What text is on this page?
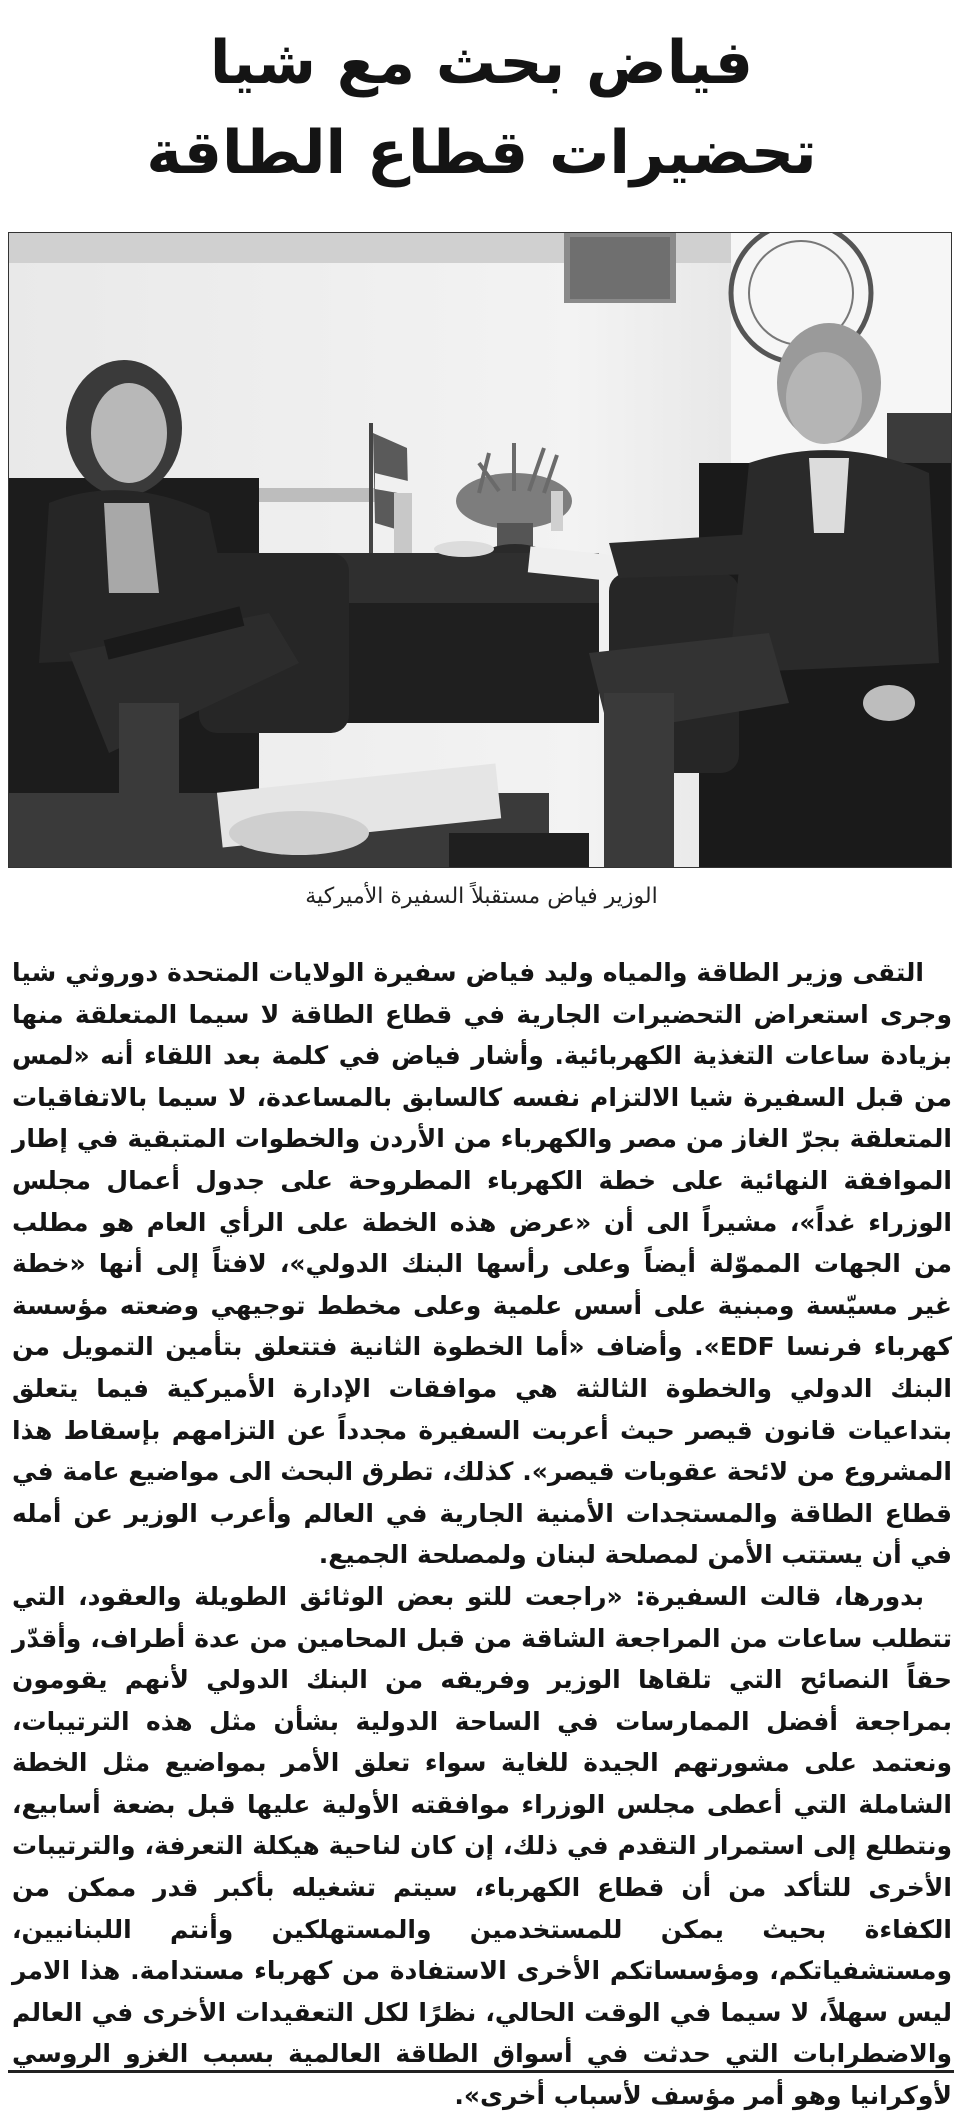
فياض بحث مع شيا
تحضيرات قطاع الطاقة
الوزير فياض مستقبلاً السفيرة الأميركية

التقى وزير الطاقة والمياه وليد فياض سفيرة الولايات المتحدة دوروثي شيا وجرى استعراض التحضيرات الجارية في قطاع الطاقة لا سيما المتعلقة منها بزيادة ساعات التغذية الكهربائية. وأشار فياض في كلمة بعد اللقاء أنه «لمس من قبل السفيرة شيا الالتزام نفسه كالسابق بالمساعدة، لا سيما بالاتفاقيات المتعلقة بجرّ الغاز من مصر والكهرباء من الأردن والخطوات المتبقية في إطار الموافقة النهائية على خطة الكهرباء المطروحة على جدول أعمال مجلس الوزراء غداً»، مشيراً الى أن «عرض هذه الخطة على الرأي العام هو مطلب من الجهات المموّلة أيضاً وعلى رأسها البنك الدولي»، لافتاً إلى أنها «خطة غير مسيّسة ومبنية على أسس علمية وعلى مخطط توجيهي وضعته مؤسسة كهرباء فرنسا EDF». وأضاف «أما الخطوة الثانية فتتعلق بتأمين التمويل من البنك الدولي والخطوة الثالثة هي موافقات الإدارة الأميركية فيما يتعلق بتداعيات قانون قيصر حيث أعربت السفيرة مجدداً عن التزامهم بإسقاط هذا المشروع من لائحة عقوبات قيصر». كذلك، تطرق البحث الى مواضيع عامة في قطاع الطاقة والمستجدات الأمنية الجارية في العالم وأعرب الوزير عن أمله في أن يستتب الأمن لمصلحة لبنان ولمصلحة الجميع.

بدورها، قالت السفيرة: «راجعت للتو بعض الوثائق الطويلة والعقود، التي تتطلب ساعات من المراجعة الشاقة من قبل المحامين من عدة أطراف، وأقدّر حقاً النصائح التي تلقاها الوزير وفريقه من البنك الدولي لأنهم يقومون بمراجعة أفضل الممارسات في الساحة الدولية بشأن مثل هذه الترتيبات، ونعتمد على مشورتهم الجيدة للغاية سواء تعلق الأمر بمواضيع مثل الخطة الشاملة التي أعطى مجلس الوزراء موافقته الأولية عليها قبل بضعة أسابيع، ونتطلع إلى استمرار التقدم في ذلك، إن كان لناحية هيكلة التعرفة، والترتيبات الأخرى للتأكد من أن قطاع الكهرباء، سيتم تشغيله بأكبر قدر ممكن من الكفاءة بحيث يمكن للمستخدمين والمستهلكين وأنتم اللبنانيين، ومستشفياتكم، ومؤسساتكم الأخرى الاستفادة من كهرباء مستدامة. هذا الامر ليس سهلاً، لا سيما في الوقت الحالي، نظرًا لكل التعقيدات الأخرى في العالم والاضطرابات التي حدثت في أسواق الطاقة العالمية بسبب الغزو الروسي لأوكرانيا وهو أمر مؤسف لأسباب أخرى».
